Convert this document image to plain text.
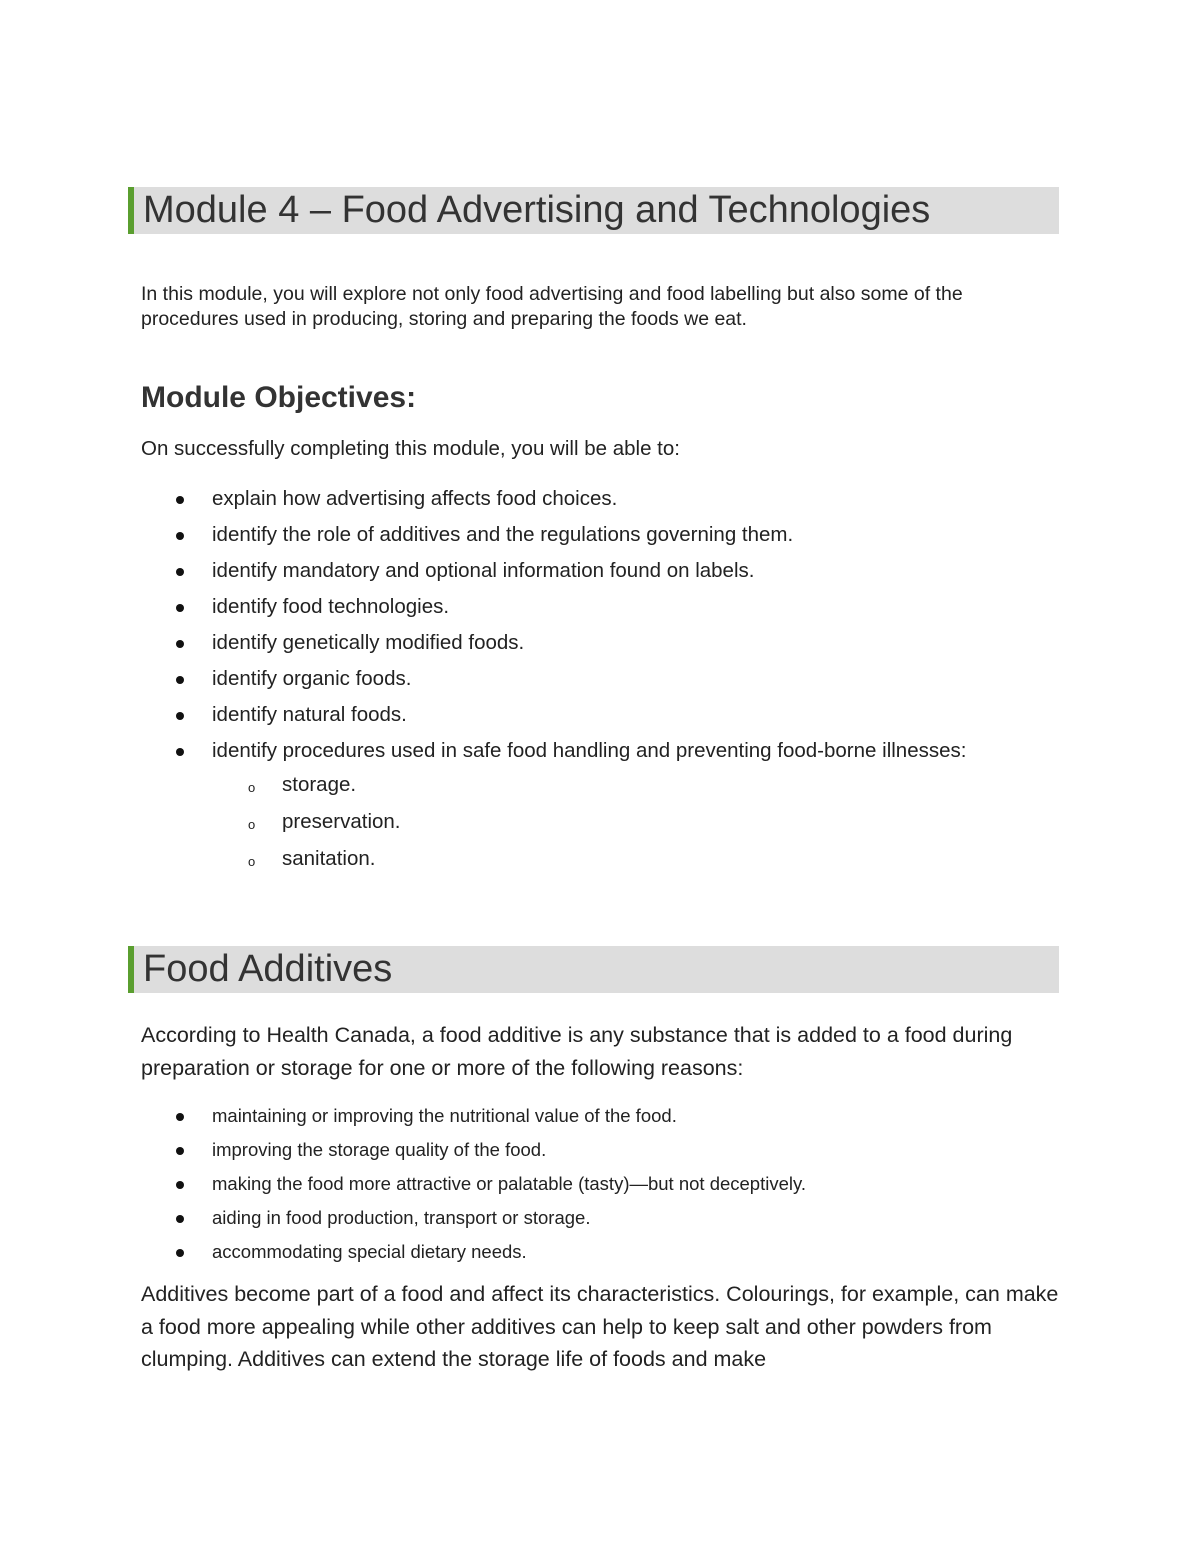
Module 4 – Food Advertising and Technologies

In this module, you will explore not only food advertising and food labelling but also some of the procedures used in producing, storing and preparing the foods we eat.

Module Objectives:

On successfully completing this module, you will be able to:

explain how advertising affects food choices.
identify the role of additives and the regulations governing them.
identify mandatory and optional information found on labels.
identify food technologies.
identify genetically modified foods.
identify organic foods.
identify natural foods.
identify procedures used in safe food handling and preventing food-borne illnesses:
o storage.
o preservation.
o sanitation.
Food Additives

According to Health Canada, a food additive is any substance that is added to a food during preparation or storage for one or more of the following reasons:

maintaining or improving the nutritional value of the food.
improving the storage quality of the food.
making the food more attractive or palatable (tasty)—but not deceptively.
aiding in food production, transport or storage.
accommodating special dietary needs.

Additives become part of a food and affect its characteristics. Colourings, for example, can make a food more appealing while other additives can help to keep salt and other powders from clumping. Additives can extend the storage life of foods and make
